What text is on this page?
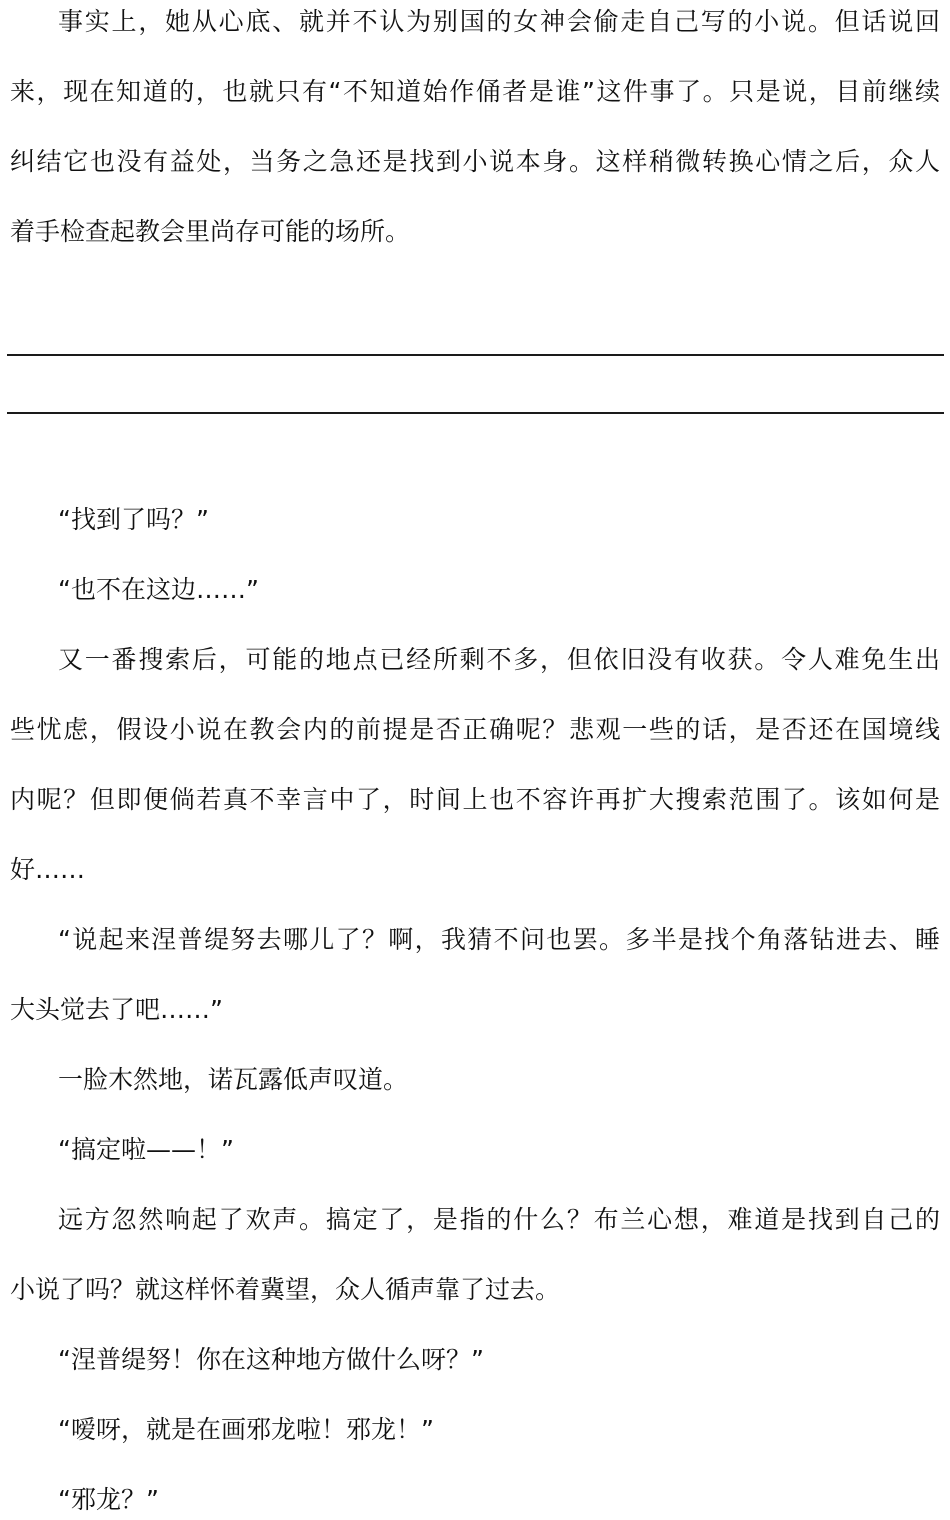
事实上，她从心底、就并不认为别国的女神会偷走自己写的小说。但话说回
来，现在知道的，也就只有“不知道始作俑者是谁”这件事了。只是说，目前继续
纠结它也没有益处，当务之急还是找到小说本身。这样稍微转换心情之后，众人
着手检查起教会里尚存可能的场所。
“找到了吗？”
“也不在这边……”
又一番搜索后，可能的地点已经所剩不多，但依旧没有收获。令人难免生出
些忧虑，假设小说在教会内的前提是否正确呢？悲观一些的话，是否还在国境线
内呢？但即便倘若真不幸言中了，时间上也不容许再扩大搜索范围了。该如何是
好……
“说起来涅普缇努去哪儿了？啊，我猜不问也罢。多半是找个角落钻进去、睡
大头觉去了吧……”
一脸木然地，诺瓦露低声叹道。
“搞定啦——！”
远方忽然响起了欢声。搞定了，是指的什么？布兰心想，难道是找到自己的
小说了吗？就这样怀着冀望，众人循声靠了过去。
“涅普缇努！你在这种地方做什么呀？”
“嗳呀，就是在画邪龙啦！邪龙！”
“邪龙？”
